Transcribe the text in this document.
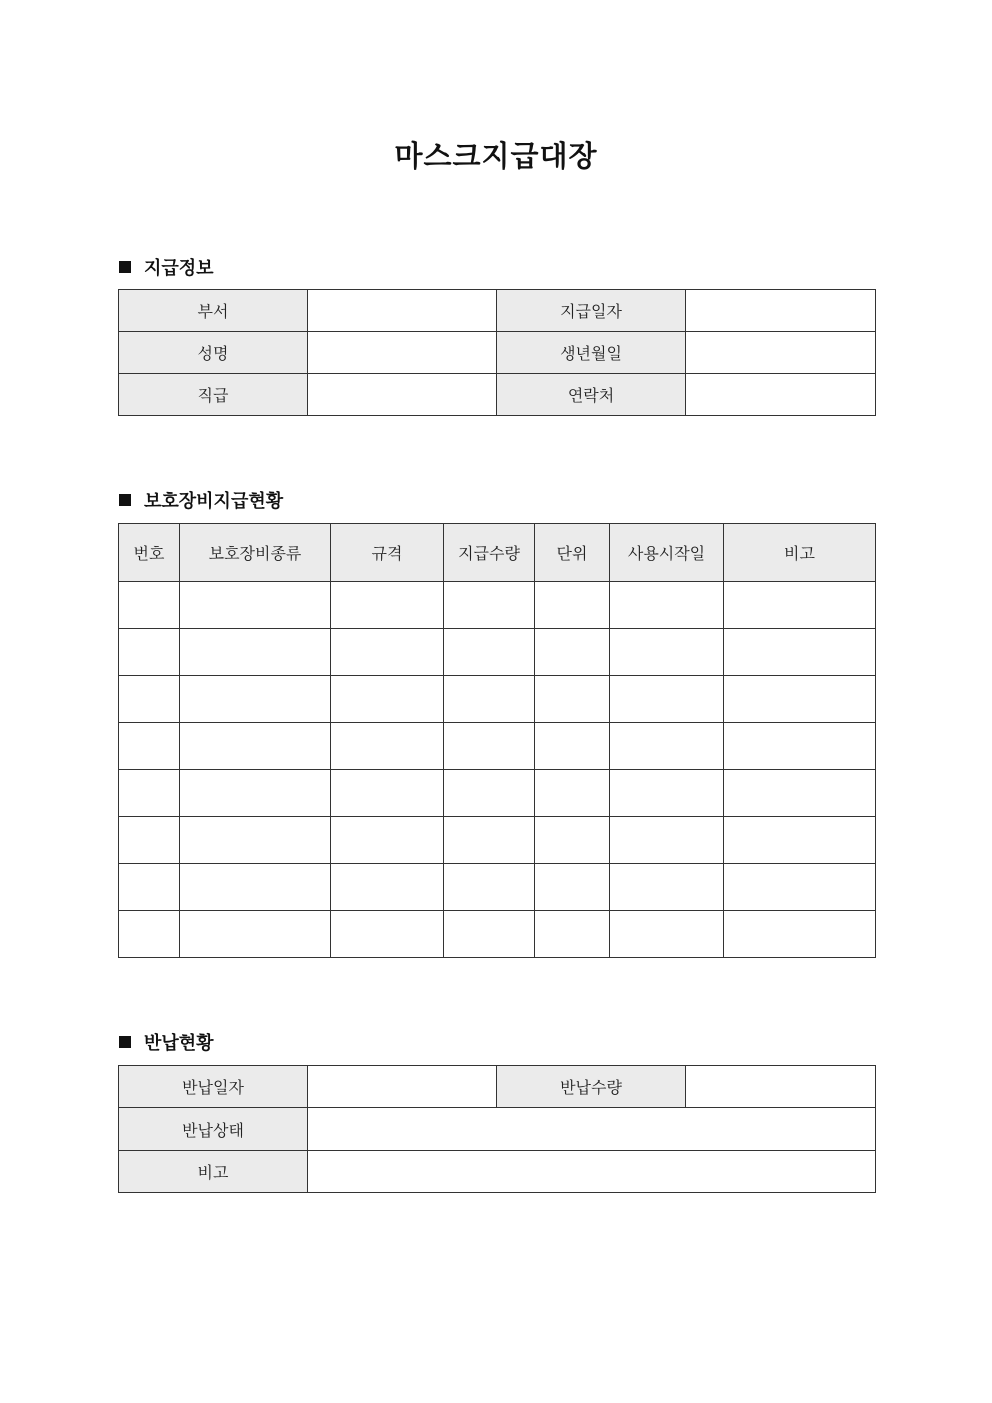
마스크지급대장
지급정보
부서		지급일자	
성명		생년월일	
직급		연락처	
보호장비지급현황
번호	보호장비종류	규격	지급수량	단위	사용시작일	비고

반납현황
반납일자		반납수량	
반납상태			
비고			
